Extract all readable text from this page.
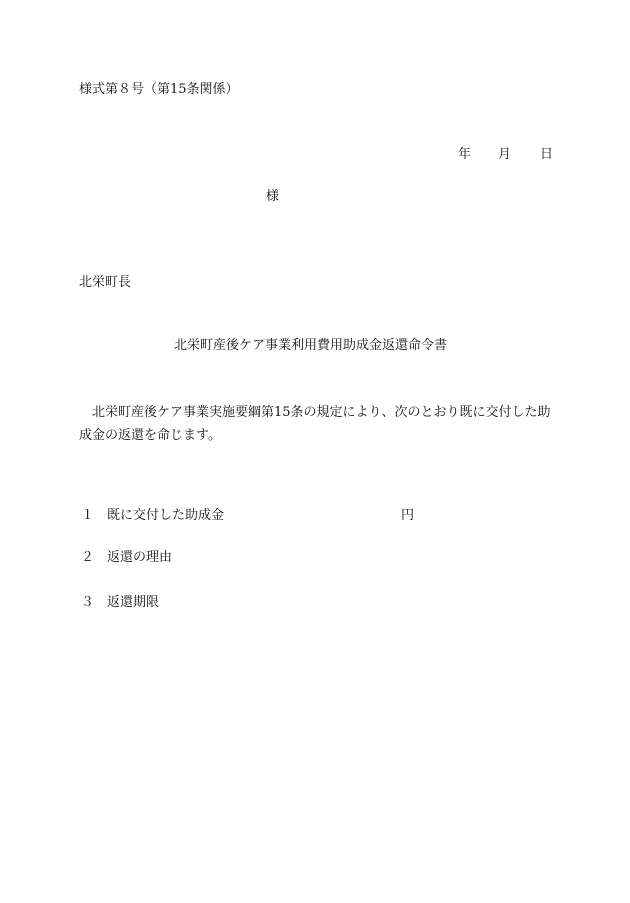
様式第８号（第15条関係）
年 月 日
様
北栄町長
北栄町産後ケア事業利用費用助成金返還命令書
北栄町産後ケア事業実施要綱第15条の規定により、次のとおり既に交付した助成金の返還を命じます。
１ 既に交付した助成金	円
２ 返還の理由
３ 返還期限
